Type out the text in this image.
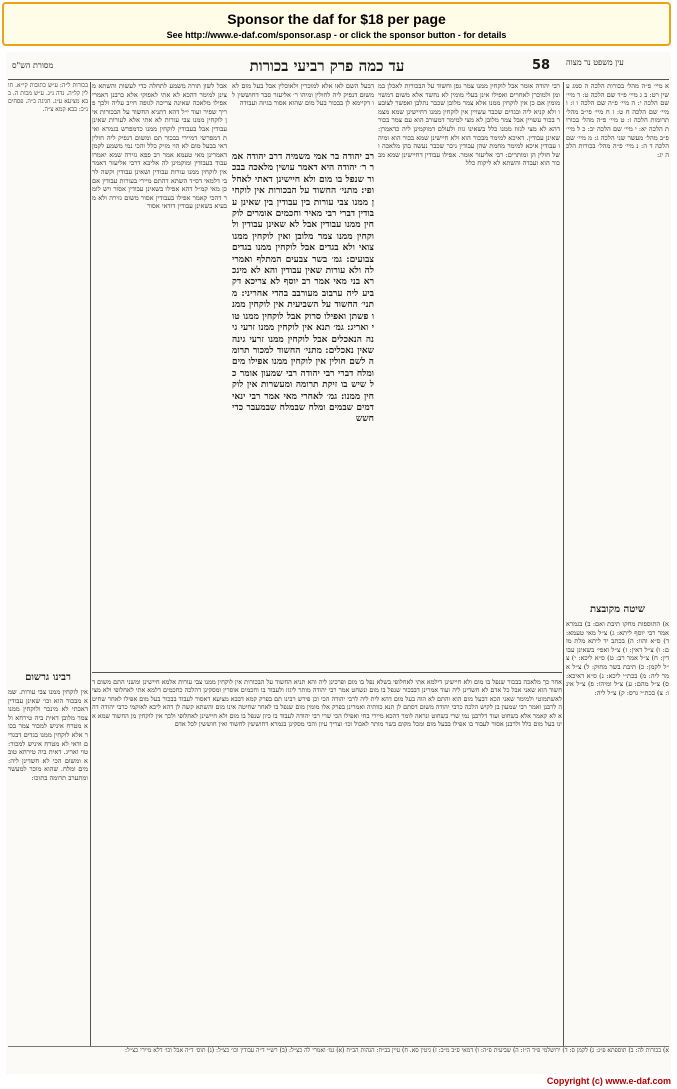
Sponsor the daf for $18 per page
See http://www.e-daf.com/sponsor.asp - or click the sponsor button - for details
מסורת הש"ס	עד כמה פרק רביעי בכורות	58 עין משפט נר מצוה
בכורות ל״ה: ע״ש כתובות קי״א. חולין קל״ה. נדה נ״ג. ע״ש מכות ה. בבא מציעא ע״ג. חגיגה כ״ה. פסחים נ״ב: בבא קמא צ״ה.
אבל לשון תורה משמע לתחלה כדי לעשות והשתא מצינן למימר דהכא לא אתי לאפוקי אלא כרבנן דאמרי אפילו מלאכה שאינה צריכה לגופה חייב עליה ולכך פריך שפיר ועוד י״ל דהא דתניא החשוד על הבכורות אין לוקחין ממנו צבי עורות לא אתי אלא לעורות שאינן עבודין אבל בעבודין לוקחין ממנו כדמפרש בגמרא ואית דמפרשי דמיירי בבכור תם ומשום דנפיק ליה חולין דאי בבעל מום לא הוי מזיק כלל והכי נמי משמע לקמן דאמרינן מאי טעמא אמר רב פפא גזירה שמא יאמרו עבוד בעבודין ומוקמינן לה אליבא דרבי אליעזר דאמר אין לוקחין ממנו עורות עבודין ושאינן עבודין וקשה לרבי דלמאי דס״ד השתא דהתם מיירי בעורות עבודין אם כן מאי קמ״ל דהא אפילו בשאינן עבודין אסור ויש לומר דהכי קאמר אפילו בעבודין אסור משום גזירה ולא מבעיא בשאינן עבודין דודאי אסור
דבעל השם לאו אלא למוכרין ולאוכלין אבל בעל מום לא משום דנפיק ליה לחולין ומיהו ר׳ אליעזר סבר דחוששין לו דקיימא לן בבכור בעל מום שהוא אסור בגיזה ועבודה
רב יהודה בר אמי משמיה דרב יהודה אמר ר׳ יהודה היא דאמר עושין מלאכה בבכור שנפל בו מום ולא חיישינן דאתי לאחלופי: מתני׳ החשוד על הבכורות אין לוקחין ממנו צבי עורות בין עבודין בין שאינן עבודין דברי רבי מאיר וחכמים אומרים לוקחין ממנו עבודין אבל לא שאינן עבודין ולוקחין ממנו צמר מלובן ואין לוקחין ממנו צואי ולא בגדים אבל לוקחין ממנו בגדים צבועים: גמ׳ בשר צבעים המתלף ואמרי לה ולא עורות שאין עבודין והא לא מינכרא בני מאי אמר רב יוסף לא צריכא דקביע ליה ערבוב מעורבב בהדי אחריני: מתני׳ החשוד על השביעית אין לוקחין ממנו פשתן ואפילו סרוק אבל לוקחין ממנו טוי ואריג: גמ׳ תנא אין לוקחין ממנו זרעי גינה הנאכלים אבל לוקחין ממנו זרעי גינה שאין נאכלים: מתני׳ החשוד למכור תרומה לשם חולין אין לוקחין ממנו אפילו מים ומלח דברי רבי יהודה רבי שמעון אומר כל שיש בו זיקת תרומה ומעשרות אין לוקחין ממנו: גמ׳ לאחרי מאי אמר רבי ינאי דמים שבמים ומלח שבמלח שבמעבר כדי חשש
רבי יהודה אומר אבל לוקחין ממנו צמר גפן וחשוד על הבכורות לאכלן במומן ולמוכרן לאחרים ואפילו אינן בעלי מומין לא נחשד אלא משום דמשוי מומין אם כן אין לוקחין ממנו אלא צמר מלובן שכבר נתלבן ואפשר לצובעו ולא קניא ליה ובגדים שכבר עשויין אין לוקחין ממנו דחיישינן שמא מצמר בכור עשויין אבל צמר מלובן לא מצי למימר דמעורב הוא עם צמר בכור דהא לא מצי לגזוז ממנו כלל בשאינו גזוז ולעולם דמוקמינן ליה כדאמרן: שאינן עבודין. דאיכא למימר מבכור הוא ולא חיישינן שמא בכור הוא ומיהו עבודין איכא למימר מחמת שהן עבודין ניכר שכבר נעשה בהן מלאכה ושל חולין הן ומותרים: רבי אליעזר אומר. אפילו עבודין דחיישינן שמא מבכור הוא ועבדה והשתא לא ליקוח כלל
א מיי׳ פ״ה מהל׳ בכורות הלכה ה סמג עשין רט: ב ג מיי׳ פ״ד שם הלכה ט: ד מיי׳ שם הלכה י: ה מיי׳ פ״ה שם הלכה ו ז: ו מיי׳ שם הלכה ח ט: ז ח מיי׳ פי״ב מהל׳ תרומות הלכה ז: ט מיי׳ פ״ה מהל׳ בכורות הלכה יא: י מיי׳ שם הלכה יב: כ ל מיי׳ פ״ב מהל׳ מעשר שני הלכה ג: מ מיי׳ שם הלכה ד ה: נ מיי׳ פ״ה מהל׳ בכורות הלכה יג:
שיטה מקובצת
א) התוספות מחקו תיבת ואם: ב) בגמרא אמר רבי יוסף ליתא: ג) צ״ל מאי טעמא: ד) ס״א והוו: ה) בכתב יד ליתא מלת מום: ו) צ״ל דאין: ז) צ״ל ואפי׳ בשאינן עבודין: ח) צ״ל אמר רב: ט) ס״א ליכא: י) צ״ל לקמן: כ) תיבת בשר מחוק: ל) צ״ל אמר ליה: מ) בכת״י ליכא: נ) ס״א דאיכא: ס) צ״ל מהם: ע) צ״ל ומיהו: פ) צ״ל אינו: צ) בכת״י גרס: ק) צ״ל ליה:
רבינו גרשום
אין לוקחין ממנו צבי עורות. שמא מבכור הוא וכו׳ שאינן עבודין דאכתי לא מינכר ולוקחין ממנו צמר מלובן דאית ביה טירחא ולא מטרח איניש למכור צמר בכור אלא לוקחין ממנו בגדים דבגדים ודאי לא מטרח איניש למכור: טוי ואריג. דאית ביה טירחא טובא ומשום הכי לא חשדינן ליה: מים ומלח. שהוא מוכר למעשר ומתערב תרומה בתוכו:
אחר כך מלאכה בבכור שנפל בו מום ולא חיישינן דילמא אתי לאחלופי בשלא נפל בו מום ופרכינן ליה והא תניא החשוד על הבכורות אין לוקחין ממנו צבי עורות אלמא חיישינן ומשני התם משום דחשוד הוא שאני אבל כל אדם לא חשדינן ליה ועוד אמרינן דבבכור שנפל בו מום ונשחט אמר רבי יהודה מותר ליגזז ולעבוד בו וחכמים אוסרין ומסקינן דהלכה כחכמים דלמא אתי לאחלופי ולא מצי לאשתמוטי ולמימר שאני הכא דבעל מום הוא והתם לא הוה בעל מום דהא לית ליה לרבי יהודה הכי וכן פירש רבינו תם בפרק קמא דבבא מציעא דאסור לעבוד בבכור בעל מום אפילו לאחר שחיטה לרבנן ואמר רבי שמעון בן לקיש הלכה כרבי יהודה משום דסתם לן תנא כוותיה ואמרינן בפרק אלו מומין מום שנפל בו לאחר שחיטה אינו מום והשתא קשה לן דהא ליכא לאוקמי כרבי יהודה דהא לא קאמר אלא בשחוט ועוד דלרבנן נמי שרי בשחוט ונראה לומר דהכא מיירי בחי ואפילו הכי שרי רבי יהודה לעבוד בו כיון שנפל בו מום ולא חיישינן לאחלופי ולכך אין לוקחין מן החשוד שמא אינו בעל מום כלל ולרבנן אסור לעבוד בו אפילו בבעל מום ומכל מקום בשר מותר לאכול וכו׳ וצריך עיון והכי מסקינן בגמרא דחוששין לחשוד ואין חוששין לכל אדם
א) בכורות לה: ב) תוספתא פ״ג: ג) לקמן ס: ד) ירושלמי פ״ד ה״ז: ה) שביעית פ״ה: ו) דמאי פ״ב מ״ב: ז) גיטין סא. ח) עיין בב״ח: הגהות הב״ח (א) גמ׳ ואמרי לה כצ״ל: (ב) רש״י ד״ה עבודין וכו׳ כצ״ל: (ג) תוס׳ ד״ה אבל וכו׳ דלא מיירי כצ״ל:
Copyright (c) www.e-daf.com
